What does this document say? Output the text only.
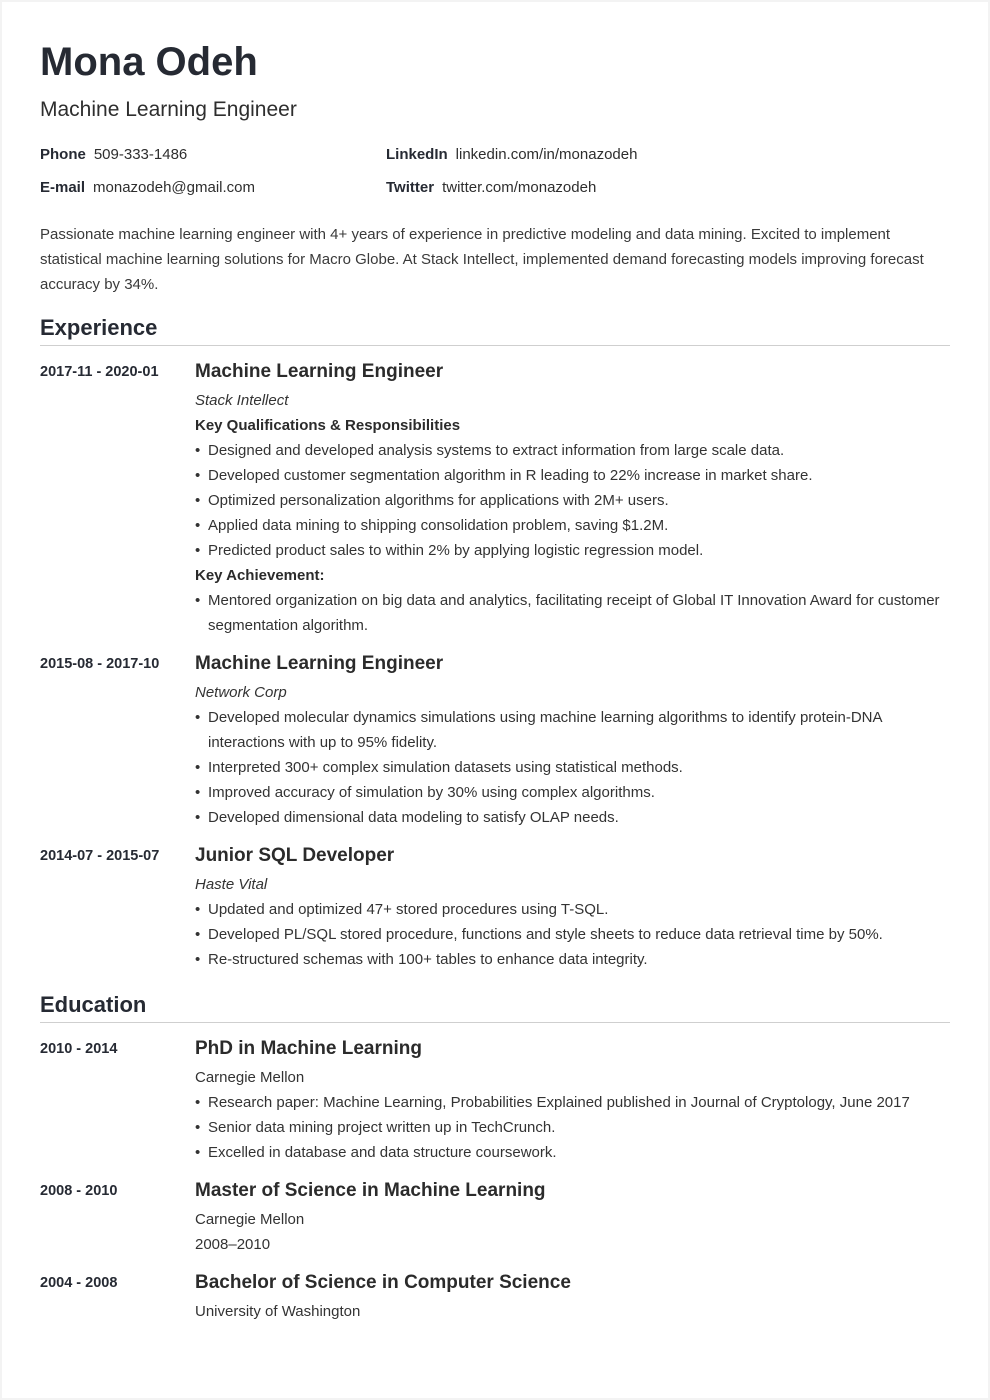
Mona Odeh
Machine Learning Engineer
Phone 509-333-1486	LinkedIn linkedin.com/in/monazodeh
E-mail monazodeh@gmail.com	Twitter twitter.com/monazodeh
Passionate machine learning engineer with 4+ years of experience in predictive modeling and data mining. Excited to implement statistical machine learning solutions for Macro Globe. At Stack Intellect, implemented demand forecasting models improving forecast accuracy by 34%.
Experience
2017-11 - 2020-01	Machine Learning Engineer
Stack Intellect
Key Qualifications & Responsibilities
• Designed and developed analysis systems to extract information from large scale data.
• Developed customer segmentation algorithm in R leading to 22% increase in market share.
• Optimized personalization algorithms for applications with 2M+ users.
• Applied data mining to shipping consolidation problem, saving $1.2M.
• Predicted product sales to within 2% by applying logistic regression model.
Key Achievement:
• Mentored organization on big data and analytics, facilitating receipt of Global IT Innovation Award for customer segmentation algorithm.
2015-08 - 2017-10	Machine Learning Engineer
Network Corp
• Developed molecular dynamics simulations using machine learning algorithms to identify protein-DNA interactions with up to 95% fidelity.
• Interpreted 300+ complex simulation datasets using statistical methods.
• Improved accuracy of simulation by 30% using complex algorithms.
• Developed dimensional data modeling to satisfy OLAP needs.
2014-07 - 2015-07	Junior SQL Developer
Haste Vital
• Updated and optimized 47+ stored procedures using T-SQL.
• Developed PL/SQL stored procedure, functions and style sheets to reduce data retrieval time by 50%.
• Re-structured schemas with 100+ tables to enhance data integrity.
Education
2010 - 2014	PhD in Machine Learning
Carnegie Mellon
• Research paper: Machine Learning, Probabilities Explained published in Journal of Cryptology, June 2017
• Senior data mining project written up in TechCrunch.
• Excelled in database and data structure coursework.
2008 - 2010	Master of Science in Machine Learning
Carnegie Mellon
2008–2010
2004 - 2008	Bachelor of Science in Computer Science
University of Washington
